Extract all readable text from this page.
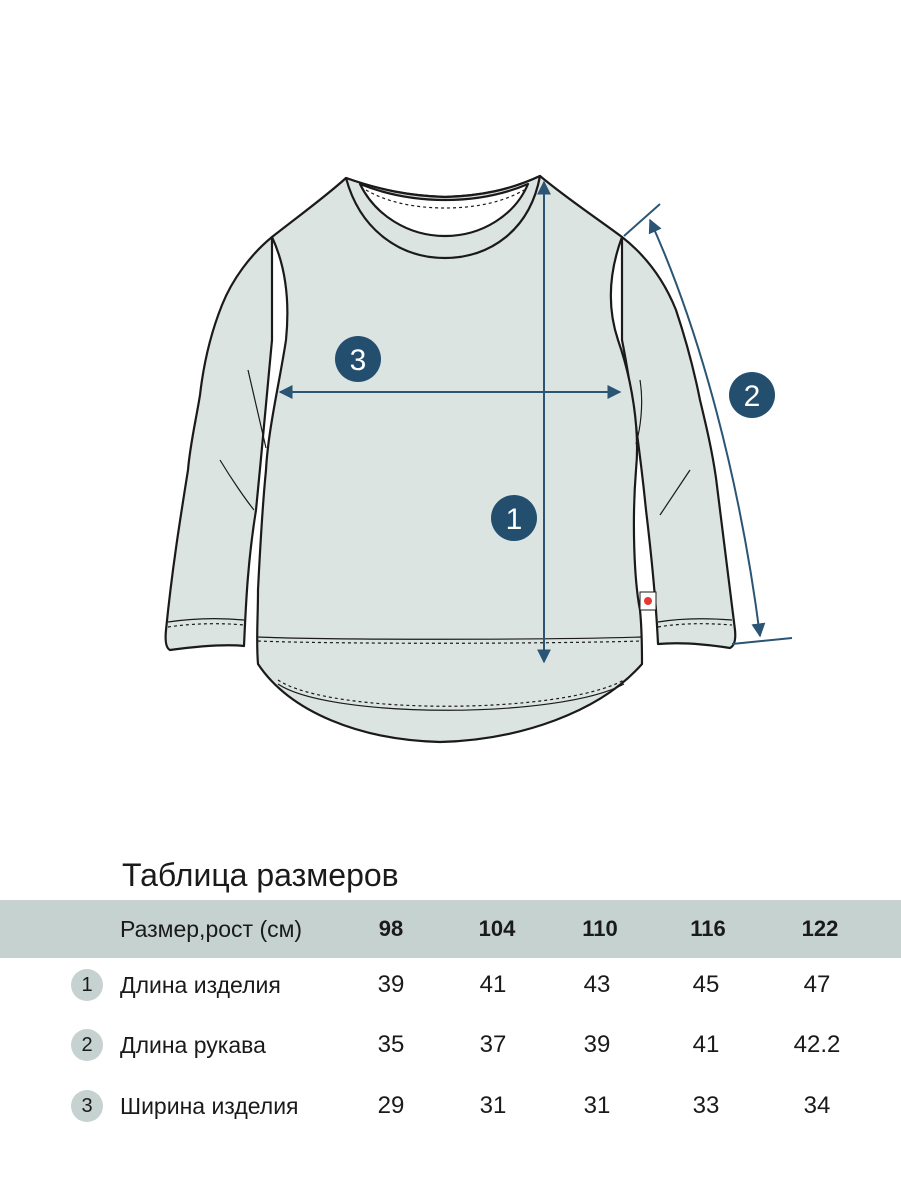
1
2
3
Таблица размеров
Размер,рост (см)	98	104	110	116	122
1	Длина изделия	39	41	43	45	47
2	Длина рукава	35	37	39	41	42.2
3	Ширина изделия	29	31	31	33	34
